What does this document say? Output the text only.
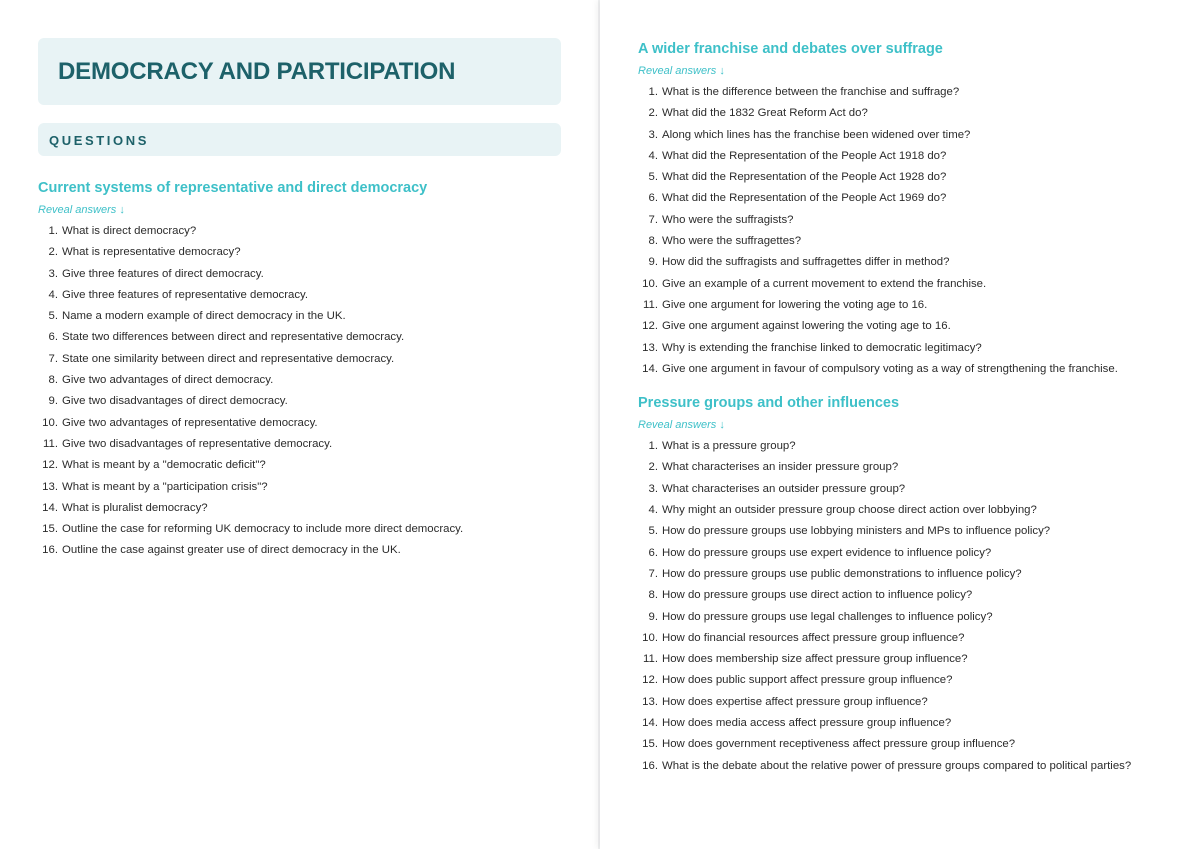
DEMOCRACY AND PARTICIPATION
QUESTIONS
Current systems of representative and direct democracy
Reveal answers ↓
1. What is direct democracy?
2. What is representative democracy?
3. Give three features of direct democracy.
4. Give three features of representative democracy.
5. Name a modern example of direct democracy in the UK.
6. State two differences between direct and representative democracy.
7. State one similarity between direct and representative democracy.
8. Give two advantages of direct democracy.
9. Give two disadvantages of direct democracy.
10. Give two advantages of representative democracy.
11. Give two disadvantages of representative democracy.
12. What is meant by a "democratic deficit"?
13. What is meant by a "participation crisis"?
14. What is pluralist democracy?
15. Outline the case for reforming UK democracy to include more direct democracy.
16. Outline the case against greater use of direct democracy in the UK.
A wider franchise and debates over suffrage
Reveal answers ↓
1. What is the difference between the franchise and suffrage?
2. What did the 1832 Great Reform Act do?
3. Along which lines has the franchise been widened over time?
4. What did the Representation of the People Act 1918 do?
5. What did the Representation of the People Act 1928 do?
6. What did the Representation of the People Act 1969 do?
7. Who were the suffragists?
8. Who were the suffragettes?
9. How did the suffragists and suffragettes differ in method?
10. Give an example of a current movement to extend the franchise.
11. Give one argument for lowering the voting age to 16.
12. Give one argument against lowering the voting age to 16.
13. Why is extending the franchise linked to democratic legitimacy?
14. Give one argument in favour of compulsory voting as a way of strengthening the franchise.
Pressure groups and other influences
Reveal answers ↓
1. What is a pressure group?
2. What characterises an insider pressure group?
3. What characterises an outsider pressure group?
4. Why might an outsider pressure group choose direct action over lobbying?
5. How do pressure groups use lobbying ministers and MPs to influence policy?
6. How do pressure groups use expert evidence to influence policy?
7. How do pressure groups use public demonstrations to influence policy?
8. How do pressure groups use direct action to influence policy?
9. How do pressure groups use legal challenges to influence policy?
10. How do financial resources affect pressure group influence?
11. How does membership size affect pressure group influence?
12. How does public support affect pressure group influence?
13. How does expertise affect pressure group influence?
14. How does media access affect pressure group influence?
15. How does government receptiveness affect pressure group influence?
16. What is the debate about the relative power of pressure groups compared to political parties?
